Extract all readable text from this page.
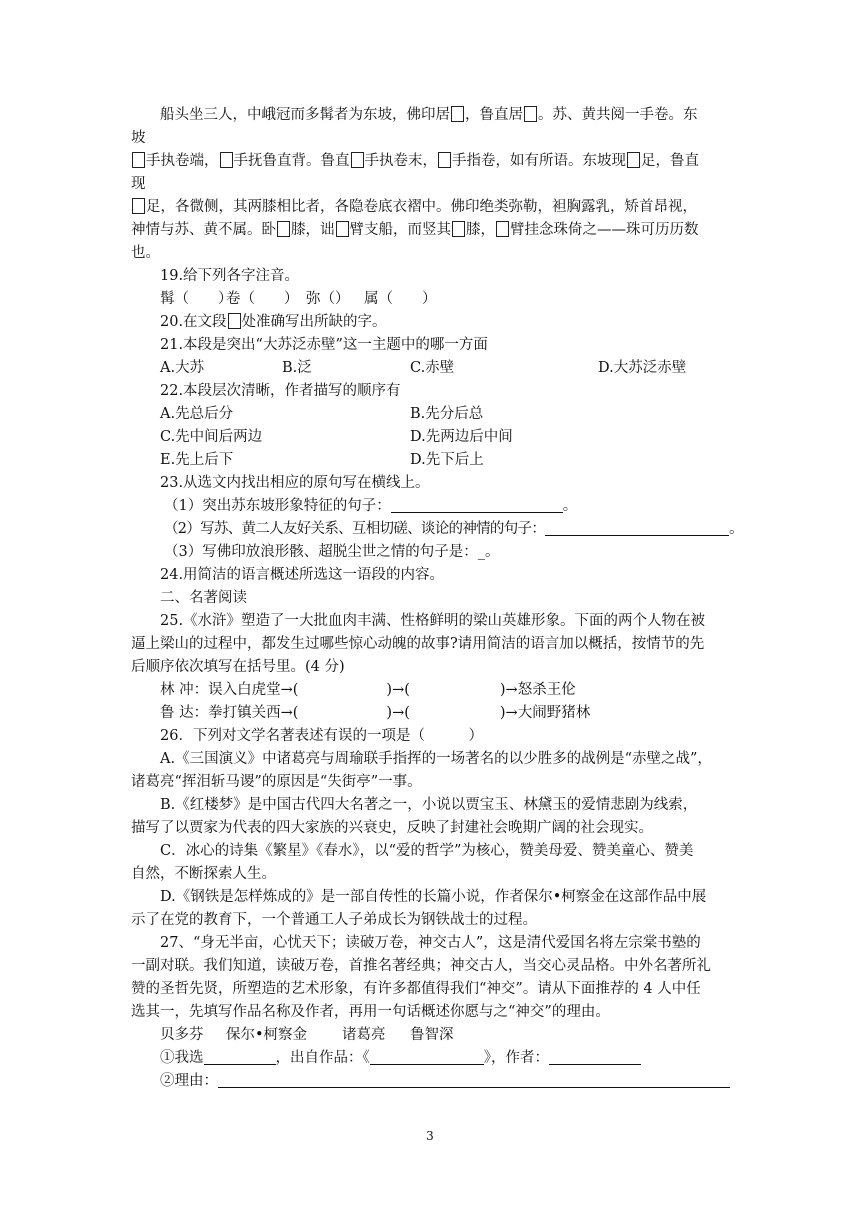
船头坐三人，中峨冠而多髯者为东坡，佛印居 ，鲁直居 。苏、黄共阅一手卷。东
坡
手执卷端， 手抚鲁直背。鲁直 手执卷末， 手指卷，如有所语。东坡现 足，鲁直
现
足，各微侧，其两膝相比者，各隐卷底衣褶中。佛印绝类弥勒，袒胸露乳，矫首昂视，
神情与苏、黄不属。卧 膝，诎 臂支船，而竖其 膝， 臂挂念珠倚之——珠可历历数
也。
19.给下列各字注音。
髯（　　）卷（　　） 弥（） 属（　　）
20.在文段 处准确写出所缺的字。
21.本段是突出“大苏泛赤壁”这一主题中的哪一方面
A.大苏	B.泛	C.赤壁	D.大苏泛赤壁
22.本段层次清晰，作者描写的顺序有
A.先总后分	B.先分后总
C.先中间后两边	D.先两边后中间
E.先上后下	D.先下后上
23.从选文内找出相应的原句写在横线上。
（1）突出苏东坡形象特征的句子：	。
（2）写苏、黄二人友好关系、互相切磋、谈论的神情的句子：	。
（3）写佛印放浪形骸、超脱尘世之情的句子是：_。
24.用简洁的语言概述所选这一语段的内容。
二、名著阅读
25.《水浒》塑造了一大批血肉丰满、性格鲜明的梁山英雄形象。下面的两个人物在被
逼上梁山的过程中，都发生过哪些惊心动魄的故事?请用简洁的语言加以概括，按情节的先
后顺序依次填写在括号里。(4 分)
林 冲：误入白虎堂→(	)→(	)→怒杀王伦
鲁 达：拳打镇关西→(	)→(	)→大闹野猪林
26．下列对文学名著表述有误的一项是（　　　）
A.《三国演义》中诸葛亮与周瑜联手指挥的一场著名的以少胜多的战例是“赤壁之战”，
诸葛亮“挥泪斩马谡”的原因是“失街亭”一事。
B.《红楼梦》是中国古代四大名著之一，小说以贾宝玉、林黛玉的爱情悲剧为线索，
描写了以贾家为代表的四大家族的兴衰史，反映了封建社会晚期广阔的社会现实。
C．冰心的诗集《繁星》《春水》，以“爱的哲学”为核心，赞美母爱、赞美童心、赞美
自然，不断探索人生。
D.《钢铁是怎样炼成的》是一部自传性的长篇小说，作者保尔•柯察金在这部作品中展
示了在党的教育下，一个普通工人子弟成长为钢铁战士的过程。
27、“身无半亩，心忧天下；读破万卷，神交古人”，这是清代爱国名将左宗棠书塾的
一副对联。我们知道，读破万卷，首推名著经典；神交古人，当交心灵品格。中外名著所礼
赞的圣哲先贤，所塑造的艺术形象，有许多都值得我们“神交”。请从下面推荐的 4 人中任
选其一，先填写作品名称及作者，再用一句话概述你愿与之“神交”的理由。
贝多芬 保尔•柯察金 诸葛亮 鲁智深
①我选	，出自作品：《	》，作者：
②理由：
3
